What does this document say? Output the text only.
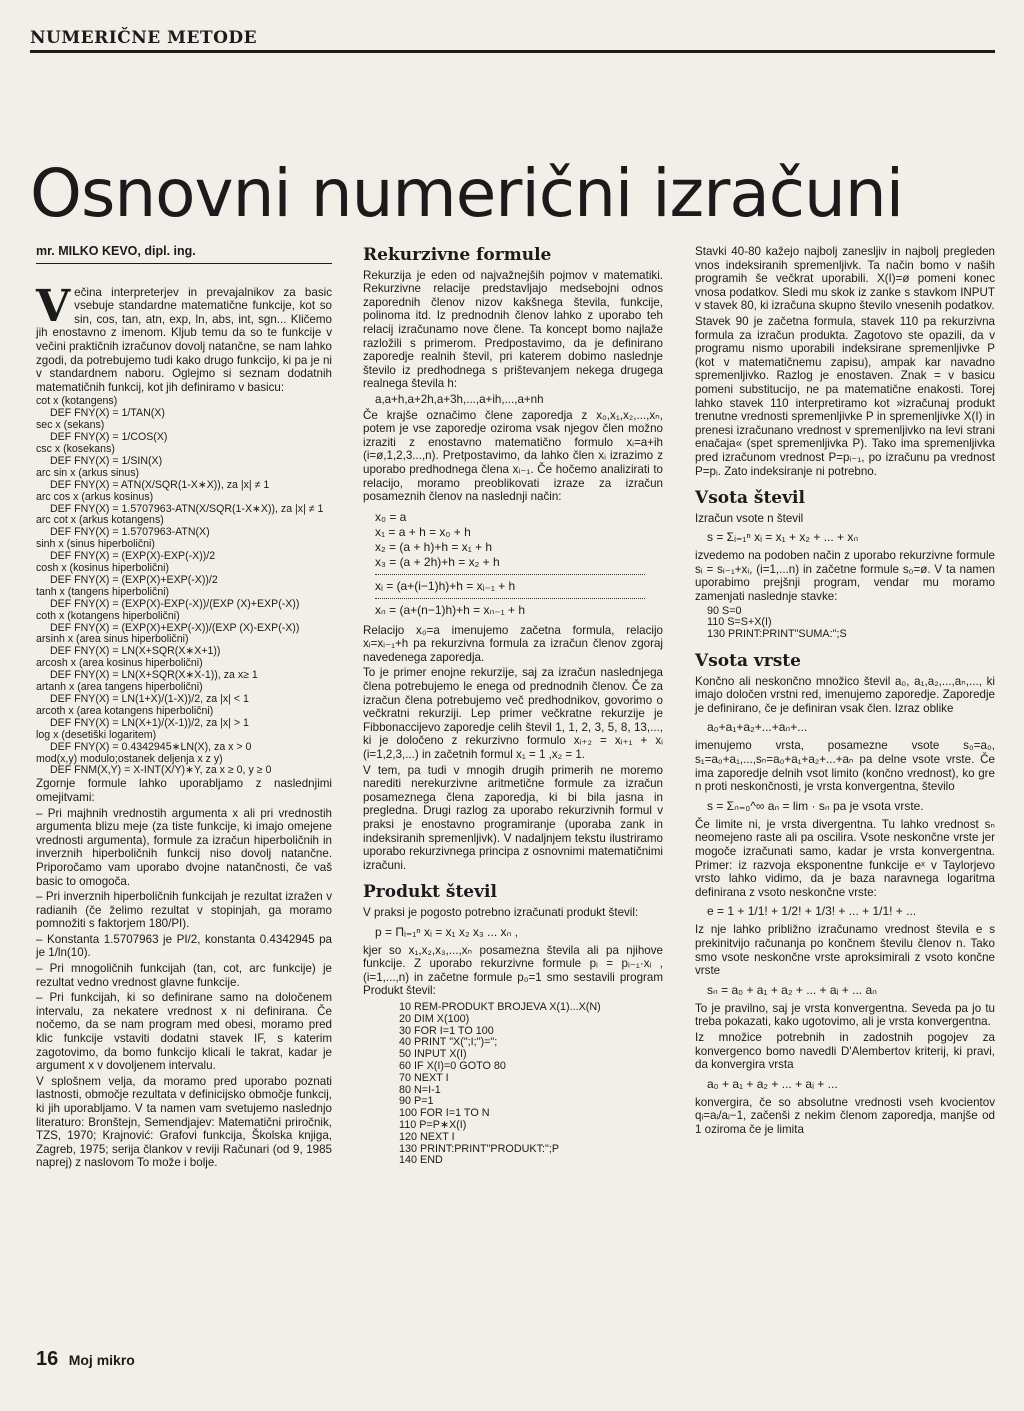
NUMERIČNE METODE
Osnovni numerični izračuni
mr. MILKO KEVO, dipl. ing.

Večina interpreterjev in prevajalnikov za basic vsebuje standardne matematične funkcije, kot so sin, cos, tan, atn, exp, ln, abs, int, sgn... Kličemo jih enostavno z imenom. Kljub temu da so te funkcije v večini praktičnih izračunov dovolj natančne, se nam lahko zgodi, da potrebujemo tudi kako drugo funkcijo, ki pa je ni v standardnem naboru. Oglejmo si seznam dodatnih matematičnih funkcij, kot jih definiramo v basicu:

cot x (kotangens)

DEF FNY(X) = 1/TAN(X)

sec x (sekans)

DEF FNY(X) = 1/COS(X)

csc x (kosekans)

DEF FNY(X) = 1/SIN(X)

arc sin x (arkus sinus)

DEF FNY(X) = ATN(X/SQR(1-X∗X)), za |x| ≠ 1

arc cos x (arkus kosinus)

DEF FNY(X) = 1.5707963-ATN(X/SQR(1-X∗X)), za |x| ≠ 1

arc cot x (arkus kotangens)

DEF FNY(X) = 1.5707963-ATN(X)

sinh x (sinus hiperbolični)

DEF FNY(X) = (EXP(X)-EXP(-X))/2

cosh x (kosinus hiperbolični)

DEF FNY(X) = (EXP(X)+EXP(-X))/2

tanh x (tangens hiperbolični)

DEF FNY(X) = (EXP(X)-EXP(-X))/(EXP (X)+EXP(-X))

coth x (kotangens hiperbolični)

DEF FNY(X) = (EXP(X)+EXP(-X))/(EXP (X)-EXP(-X))

arsinh x (area sinus hiperbolični)

DEF FNY(X) = LN(X+SQR(X∗X+1))

arcosh x (area kosinus hiperbolični)

DEF FNY(X) = LN(X+SQR(X∗X-1)), za x≥ 1

artanh x (area tangens hiperbolični)

DEF FNY(X) = LN(1+X)/(1-X))/2, za |x| < 1

arcoth x (area kotangens hiperbolični)

DEF FNY(X) = LN(X+1)/(X-1))/2, za |x| > 1

log x (desetiški logaritem)

DEF FNY(X) = 0.4342945∗LN(X), za x > 0

mod(x,y) modulo;ostanek deljenja x z y)

DEF FNM(X,Y) = X-INT(X/Y)∗Y, za x ≥ 0, y ≥ 0

Zgornje formule lahko uporabljamo z naslednjimi omejitvami:

– Pri majhnih vrednostih argumenta x ali pri vrednostih argumenta blizu meje (za tiste funkcije, ki imajo omejene vrednosti argumenta), formule za izračun hiperboličnih in inverznih hiperboličnih funkcij niso dovolj natančne. Priporočamo vam uporabo dvojne natančnosti, če vaš basic to omogoča.

– Pri inverznih hiperboličnih funkcijah je rezultat izražen v radianih (če želimo rezultat v stopinjah, ga moramo pomnožiti s faktorjem 180/PI).

– Konstanta 1.5707963 je PI/2, konstanta 0.4342945 pa je 1/ln(10).

– Pri mnogoličnih funkcijah (tan, cot, arc funkcije) je rezultat vedno vrednost glavne funkcije.

– Pri funkcijah, ki so definirane samo na določenem intervalu, za nekatere vrednost x ni definirana. Če nočemo, da se nam program med obesi, moramo pred klic funkcije vstaviti dodatni stavek IF, s katerim zagotovimo, da bomo funkcijo klicali le takrat, kadar je argument x v dovoljenem intervalu.

V splošnem velja, da moramo pred uporabo poznati lastnosti, območje rezultata v definicijsko območje funkcij, ki jih uporabljamo. V ta namen vam svetujemo naslednjo literaturo: Bronštejn, Semendjajev: Matematični priročnik, TZS, 1970; Krajnović: Grafovi funkcija, Školska knjiga, Zagreb, 1975; serija člankov v reviji Računari (od 9, 1985 naprej) z naslovom To može i bolje.

Rekurzivne formule

Rekurzija je eden od najvažnejših pojmov v matematiki. Rekurzivne relacije predstavljajo medsebojni odnos zaporednih členov nizov kakšnega števila, funkcije, polinoma itd. Iz prednodnih členov lahko z uporabo teh relacij izračunamo nove člene. Ta koncept bomo najlaže razložili s primerom. Predpostavimo, da je definirano zaporedje realnih števil, pri katerem dobimo naslednje število iz predhodnega s prištevanjem nekega drugega realnega števila h:

a,a+h,a+2h,a+3h,...,a+ih,...,a+nh

Če krajše označimo člene zaporedja z x₀,x₁,x₂,...,xₙ, potem je vse zaporedje oziroma vsak njegov člen možno izraziti z enostavno matematično formulo xᵢ=a+ih (i=ø,1,2,3...,n). Pretpostavimo, da lahko člen xᵢ izrazimo z uporabo predhodnega člena xᵢ₋₁. Če hočemo analizirati to relacijo, moramo preoblikovati izraze za izračun posameznih členov na naslednji način:

x₀ = a

x₁ = a + h = x₀ + h

x₂ = (a + h)+h = x₁ + h

x₃ = (a + 2h)+h = x₂ + h

xᵢ = (a+(i−1)h)+h = xᵢ₋₁ + h

xₙ = (a+(n−1)h)+h = xₙ₋₁ + h

Relacijo x₀=a imenujemo začetna formula, relacijo xᵢ=xᵢ₋₁+h pa rekurzivna formula za izračun členov zgoraj navedenega zaporedja.

To je primer enojne rekurzije, saj za izračun naslednjega člena potrebujemo le enega od prednodnih členov. Če za izračun člena potrebujemo več predhodnikov, govorimo o večkratni rekurziji. Lep primer večkratne rekurzije je Fibbonaccijevo zaporedje celih števil 1, 1, 2, 3, 5, 8, 13,..., ki je določeno z rekurzivno formulo xᵢ₊₂ = xᵢ₊₁ + xᵢ (i=1,2,3,...) in začetnih formul x₁ = 1 ,x₂ = 1.

V tem, pa tudi v mnogih drugih primerih ne moremo narediti nerekurzivne aritmetične formule za izračun posameznega člena zaporedja, ki bi bila jasna in pregledna. Drugi razlog za uporabo rekurzivnih formul v praksi je enostavno programiranje (uporaba zank in indeksiranih spremenljivk). V nadaljnjem tekstu ilustriramo uporabo rekurzivnega principa z osnovnimi matematičnimi izračuni.

Produkt števil

V praksi je pogosto potrebno izračunati produkt števil:

p = Πᵢ₌₁ⁿ xᵢ = x₁ x₂ x₃ ... xₙ ,

kjer so x₁,x₂,x₃,...,xₙ posamezna števila ali pa njihove funkcije. Z uporabo rekurzivne formule pᵢ = pᵢ₋₁·xᵢ ,(i=1,...,n) in začetne formule p₀=1 smo sestavili program Produkt števil:

10 REM-PRODUKT BROJEVA X(1)...X(N)

20 DIM X(100)

30 FOR I=1 TO 100

40 PRINT "X(";I;")=";

50 INPUT X(I)

60 IF X(I)=0 GOTO 80

70 NEXT I

80 N=I-1

90 P=1

100 FOR I=1 TO N

110 P=P∗X(I)

120 NEXT I

130 PRINT:PRINT"PRODUKT:";P

140 END

Stavki 40-80 kažejo najbolj zanesljiv in najbolj pregleden vnos indeksiranih spremenljivk. Ta način bomo v naših programih še večkrat uporabili. X(I)=ø pomeni konec vnosa podatkov. Sledi mu skok iz zanke s stavkom INPUT v stavek 80, ki izračuna skupno število vnesenih podatkov.

Stavek 90 je začetna formula, stavek 110 pa rekurzivna formula za izračun produkta. Zagotovo ste opazili, da v programu nismo uporabili indeksirane spremenljivke P (kot v matematičnemu zapisu), ampak kar navadno spremenljivko. Razlog je enostaven. Znak = v basicu pomeni substitucijo, ne pa matematične enakosti. Torej lahko stavek 110 interpretiramo kot »izračunaj produkt trenutne vrednosti spremenljivke P in spremenljivke X(I) in prenesi izračunano vrednost v spremenljivko na levi strani enačaja« (spet spremenljivka P). Tako ima spremenljivka pred izračunom vrednost P=pᵢ₋₁, po izračunu pa vrednost P=pᵢ. Zato indeksiranje ni potrebno.

Vsota števil

Izračun vsote n števil

s = Σᵢ₌₁ⁿ xᵢ = x₁ + x₂ + ... + xₙ

izvedemo na podoben način z uporabo rekurzivne formule sᵢ = sᵢ₋₁+xᵢ, (i=1,...n) in začetne formule s₀=ø. V ta namen uporabimo prejšnji program, vendar mu moramo zamenjati naslednje stavke:

90 S=0

110 S=S+X(I)

130 PRINT:PRINT"SUMA:";S

Vsota vrste

Končno ali neskončno množico števil a₀, a₁,a₂,...,aₙ,..., ki imajo določen vrstni red, imenujemo zaporedje. Zaporedje je definirano, če je definiran vsak člen. Izraz oblike

a₀+a₁+a₂+...+aₙ+...

imenujemo vrsta, posamezne vsote s₀=a₀, s₁=a₀+a₁,...,sₙ=a₀+a₁+a₂+...+aₙ pa delne vsote vrste. Če ima zaporedje delnih vsot limito (končno vrednost), ko gre n proti neskončnosti, je vrsta konvergentna, število

s = Σₙ₌₀^∞ aₙ = lim · sₙ pa je vsota vrste.

Če limite ni, je vrsta divergentna. Tu lahko vrednost sₙ neomejeno raste ali pa oscilira. Vsote neskončne vrste jer mogoče izračunati samo, kadar je vrsta konvergentna. Primer: iz razvoja eksponentne funkcije eˣ v Taylorjevo vrsto lahko vidimo, da je baza naravnega logaritma definirana z vsoto neskončne vrste:

e = 1 + 1/1! + 1/2! + 1/3! + ... + 1/1! + ...

Iz nje lahko približno izračunamo vrednost števila e s prekinitvijo računanja po končnem številu členov n. Tako smo vsote neskončne vrste aproksimirali z vsoto končne vrste

sₙ = a₀ + a₁ + a₂ + ... + aᵢ + ... aₙ

To je pravilno, saj je vrsta konvergentna. Seveda pa jo tu treba pokazati, kako ugotovimo, ali je vrsta konvergentna.

Iz množice potrebnih in zadostnih pogojev za konvergenco bomo navedli D'Alembertov kriterij, ki pravi, da konvergira vrsta

a₀ + a₁ + a₂ + ... + aᵢ + ...

konvergira, če so absolutne vrednosti vseh kvocientov qᵢ=aᵢ/aᵢ−1, začenši z nekim členom zaporedja, manjše od 1 oziroma če je limita

16 Moj mikro
